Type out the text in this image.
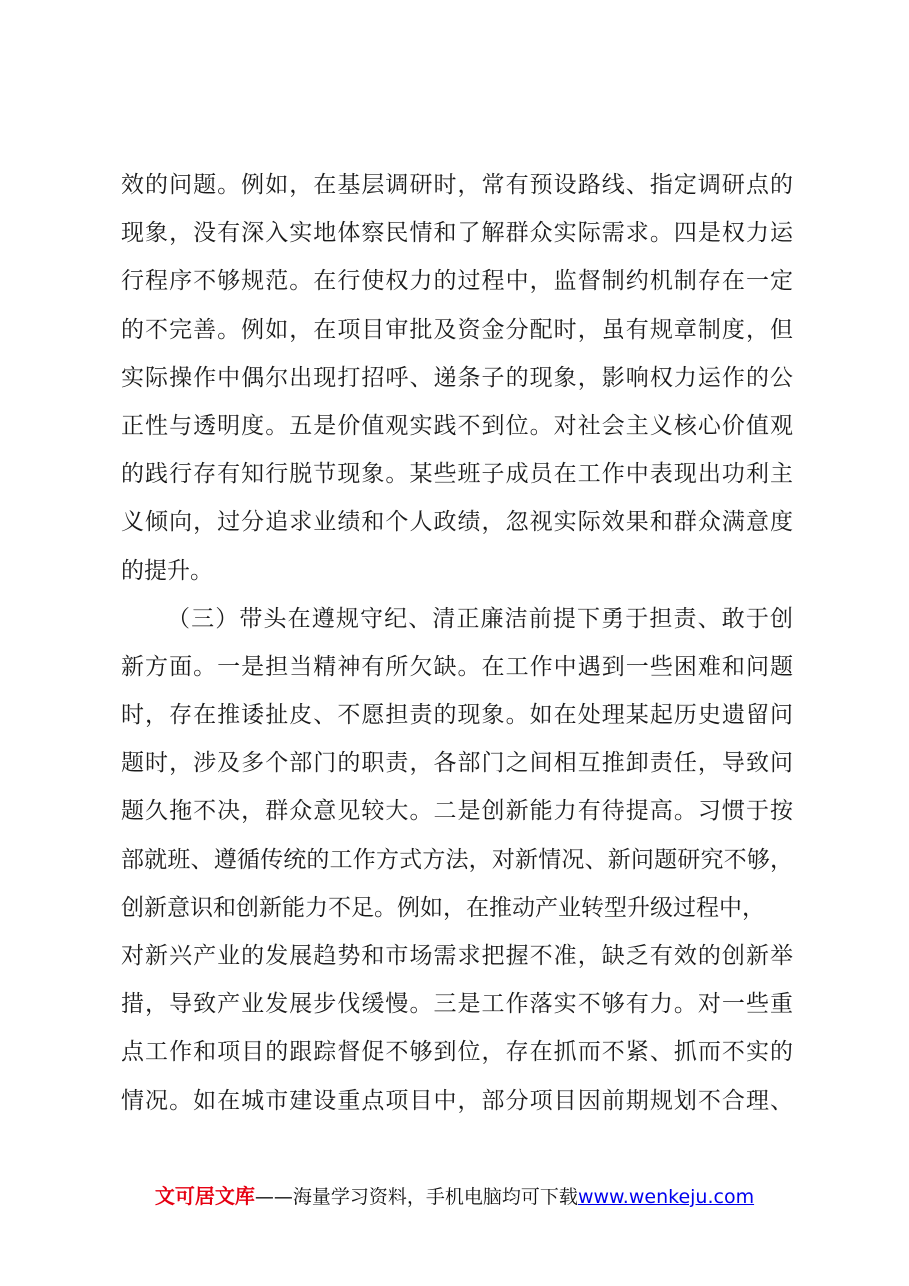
效的问题。例如，在基层调研时，常有预设路线、指定调研点的
现象，没有深入实地体察民情和了解群众实际需求。四是权力运
行程序不够规范。在行使权力的过程中，监督制约机制存在一定
的不完善。例如，在项目审批及资金分配时，虽有规章制度，但
实际操作中偶尔出现打招呼、递条子的现象，影响权力运作的公
正性与透明度。五是价值观实践不到位。对社会主义核心价值观
的践行存有知行脱节现象。某些班子成员在工作中表现出功利主
义倾向，过分追求业绩和个人政绩，忽视实际效果和群众满意度
的提升。
（三）带头在遵规守纪、清正廉洁前提下勇于担责、敢于创
新方面。一是担当精神有所欠缺。在工作中遇到一些困难和问题
时，存在推诿扯皮、不愿担责的现象。如在处理某起历史遗留问
题时，涉及多个部门的职责，各部门之间相互推卸责任，导致问
题久拖不决，群众意见较大。二是创新能力有待提高。习惯于按
部就班、遵循传统的工作方式方法，对新情况、新问题研究不够，
创新意识和创新能力不足。例如，在推动产业转型升级过程中，
对新兴产业的发展趋势和市场需求把握不准，缺乏有效的创新举
措，导致产业发展步伐缓慢。三是工作落实不够有力。对一些重
点工作和项目的跟踪督促不够到位，存在抓而不紧、抓而不实的
情况。如在城市建设重点项目中，部分项目因前期规划不合理、
文可居文库——海量学习资料，手机电脑均可下载www.wenkeju.com
